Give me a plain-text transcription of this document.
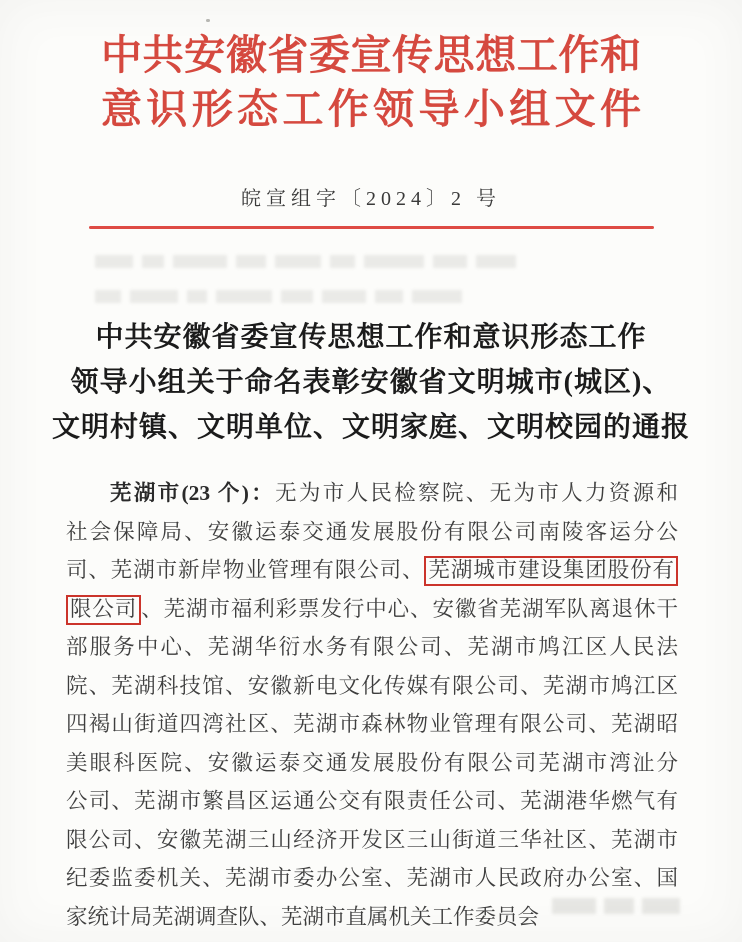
中共安徽省委宣传思想工作和
意识形态工作领导小组文件
皖宣组字〔2024〕2 号

中共安徽省委宣传思想工作和意识形态工作
领导小组关于命名表彰安徽省文明城市(城区)、
文明村镇、文明单位、文明家庭、文明校园的通报
芜湖市(23 个)：无为市人民检察院、无为市人力资源和
社会保障局、安徽运泰交通发展股份有限公司南陵客运分公
司、芜湖市新岸物业管理有限公司、 芜湖城市建设集团股份有
限公司 、芜湖市福利彩票发行中心、安徽省芜湖军队离退休干
部服务中心、芜湖华衍水务有限公司、芜湖市鸠江区人民法
院、芜湖科技馆、安徽新电文化传媒有限公司、芜湖市鸠江区
四褐山街道四湾社区、芜湖市森林物业管理有限公司、芜湖昭
美眼科医院、安徽运泰交通发展股份有限公司芜湖市湾沚分
公司、芜湖市繁昌区运通公交有限责任公司、芜湖港华燃气有
限公司、安徽芜湖三山经济开发区三山街道三华社区、芜湖市
纪委监委机关、芜湖市委办公室、芜湖市人民政府办公室、国
家统计局芜湖调查队、芜湖市直属机关工作委员会
